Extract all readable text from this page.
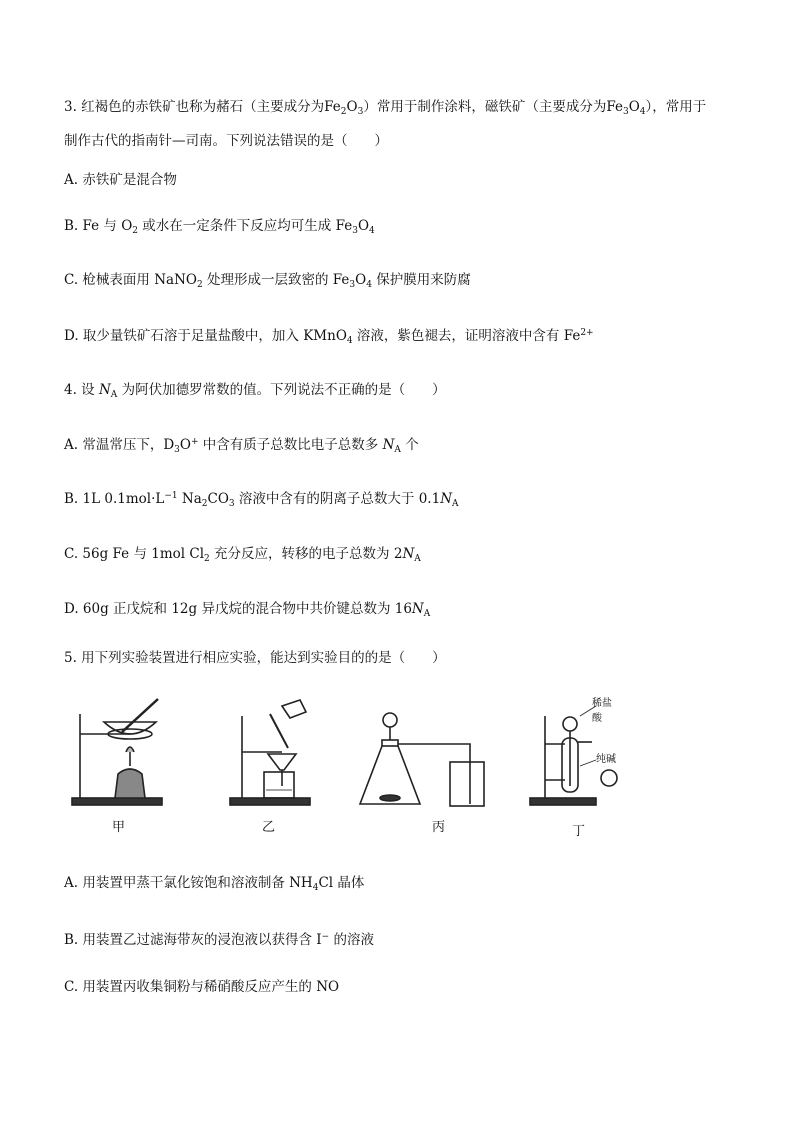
3. 红褐色的赤铁矿也称为赭石（主要成分为$Fe_2O_3$）常用于制作涂料，磁铁矿（主要成分为$Fe_3O_4$），常用于
制作古代的指南针—司南。下列说法错误的是（　　）
A. 赤铁矿是混合物
B. Fe 与 $O_2$ 或水在一定条件下反应均可生成 $Fe_3O_4$
C. 枪械表面用 NaNO$_2$ 处理形成一层致密的 $Fe_3O_4$ 保护膜用来防腐
D. 取少量铁矿石溶于足量盐酸中，加入 KMnO$_4$ 溶液，紫色褪去，证明溶液中含有 $Fe^{2+}$
4. 设 $N_A$ 为阿伏加德罗常数的值。下列说法不正确的是（　　）
A. 常温常压下，$D_3O^+$ 中含有质子总数比电子总数多 $N_A$ 个
B. 1L $0.1mol\cdot L^{-1}$ $Na_2CO_3$ 溶液中含有的阴离子总数大于 $0.1N_A$
C. 56g Fe 与 1mol $Cl_2$ 充分反应，转移的电子总数为 $2N_A$
D. 60g 正戊烷和 12g 异戊烷的混合物中共价键总数为 $16N_A$
5. 用下列实验装置进行相应实验，能达到实验目的的是（　　）
甲	乙	丙	丁
稀盐酸
纯碱
A. 用装置甲蒸干氯化铵饱和溶液制备 $NH_4Cl$ 晶体
B. 用装置乙过滤海带灰的浸泡液以获得含 I− 的溶液
C. 用装置丙收集铜粉与稀硝酸反应产生的 NO
